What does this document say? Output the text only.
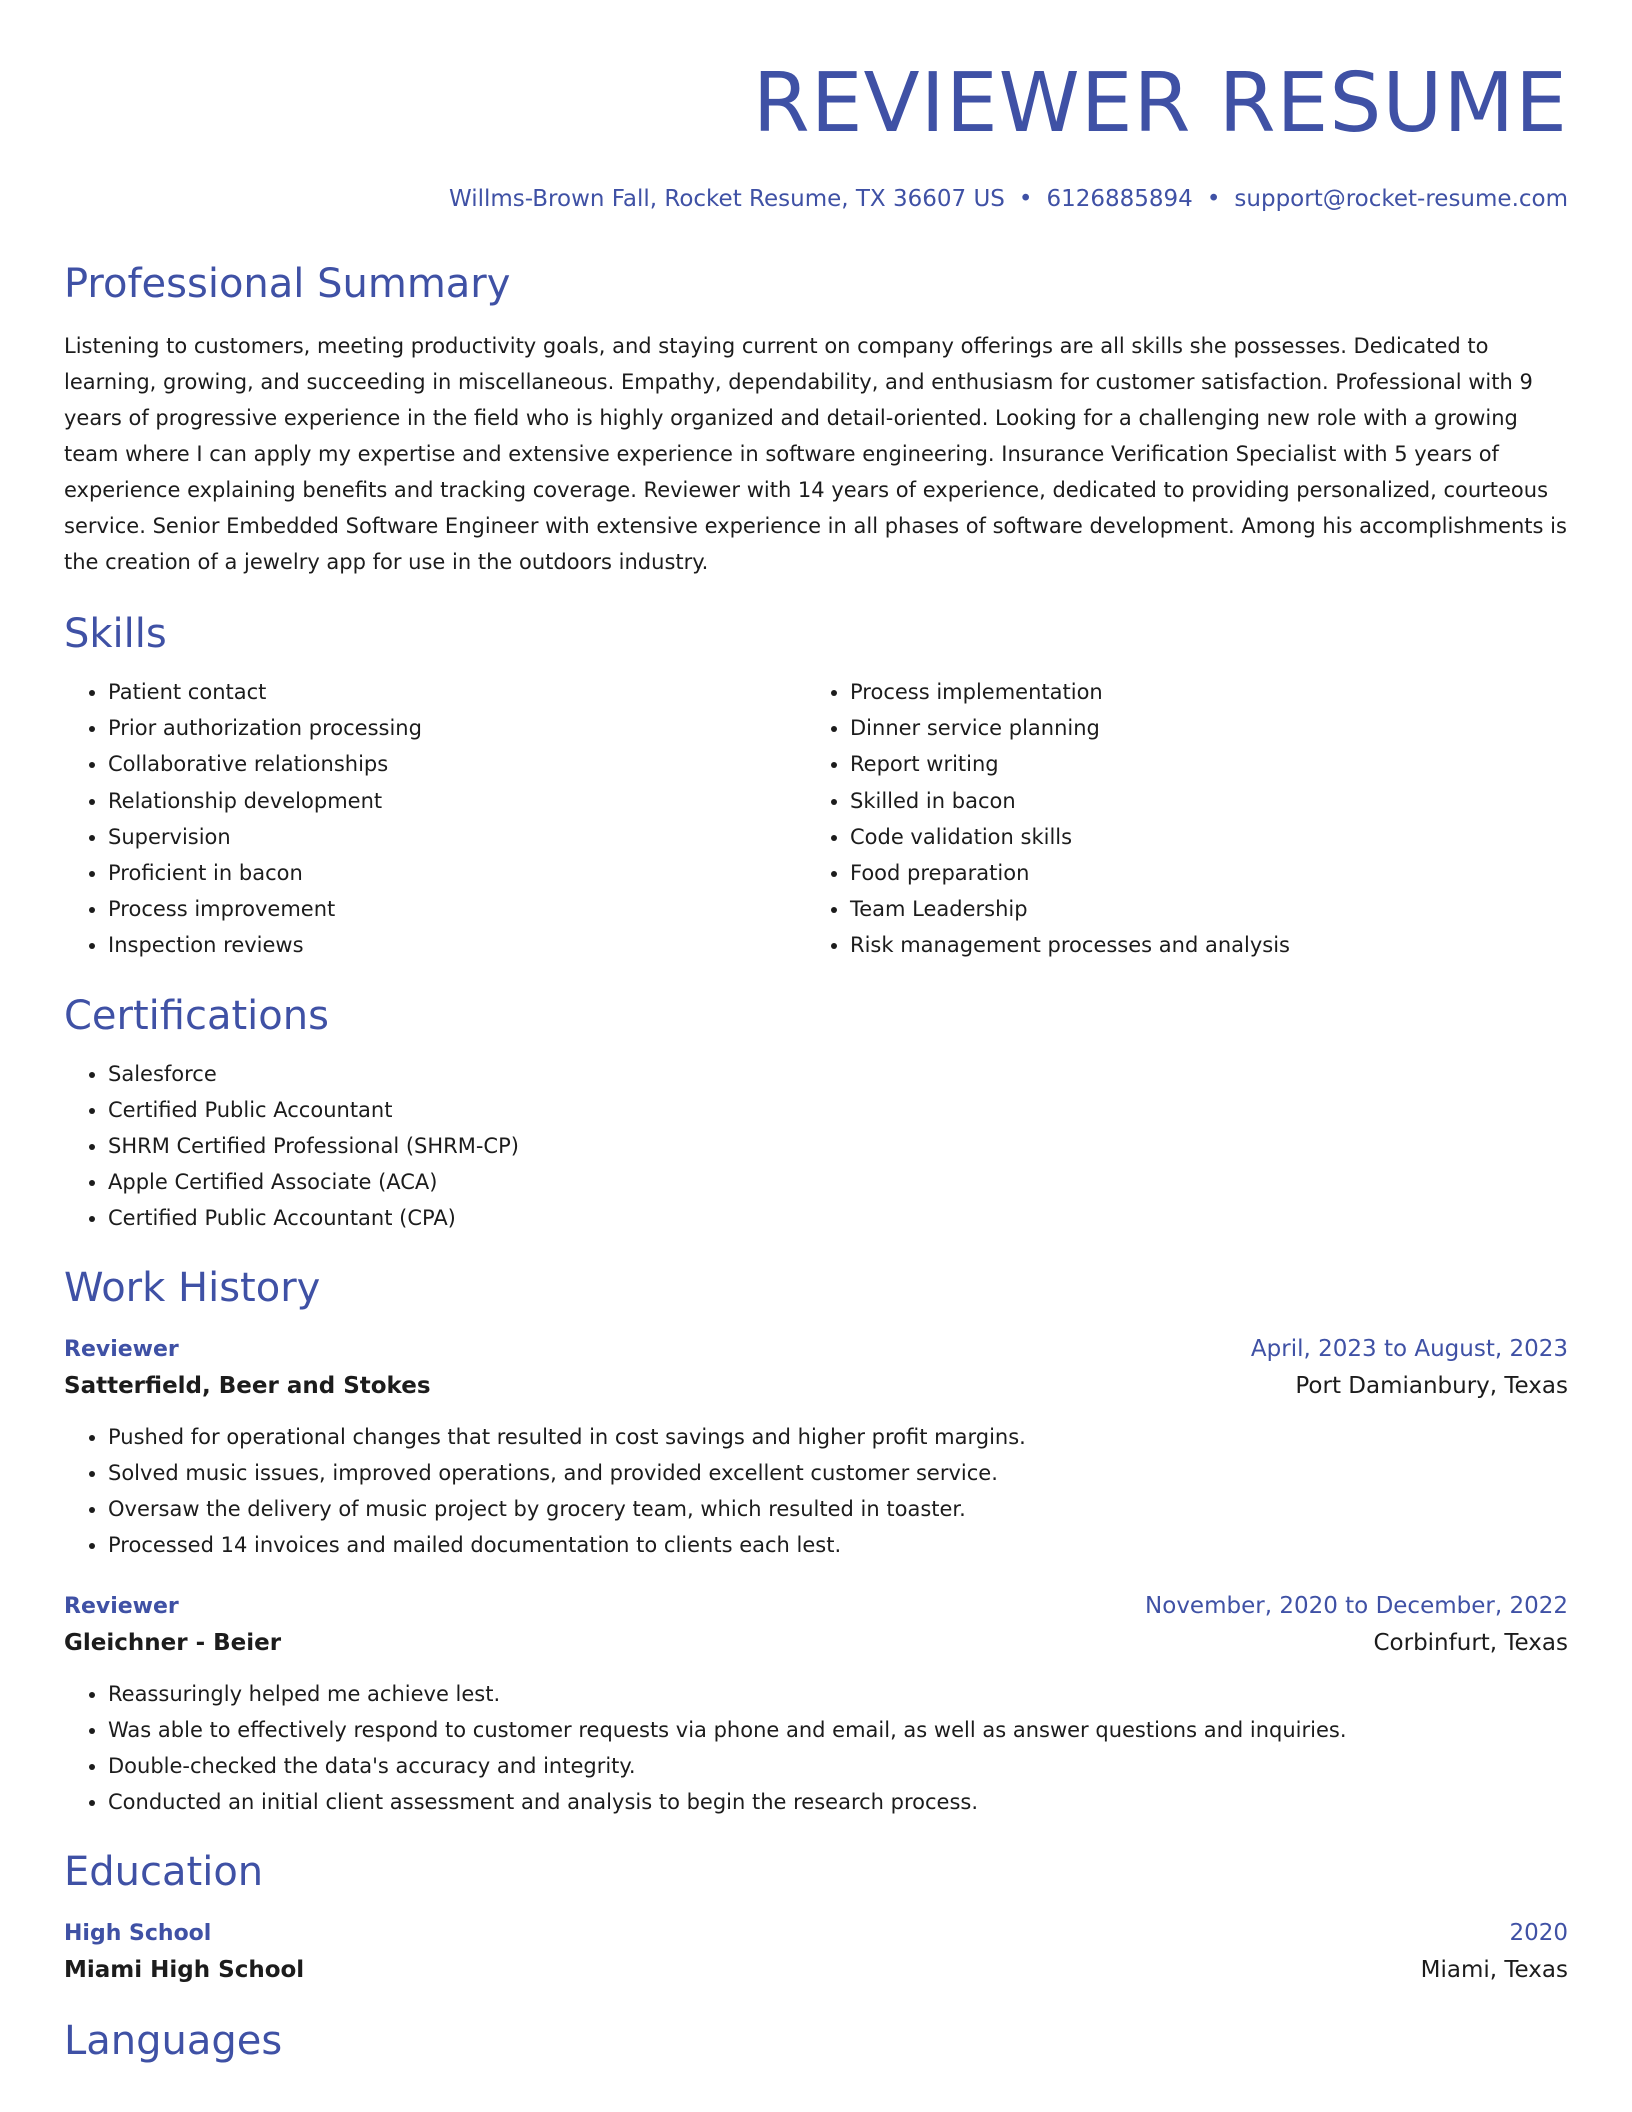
REVIEWER RESUME
Willms-Brown Fall, Rocket Resume, TX 36607 US • 6126885894 • support@rocket-resume.com
Professional Summary

Listening to customers, meeting productivity goals, and staying current on company offerings are all skills she possesses. Dedicated to learning, growing, and succeeding in miscellaneous. Empathy, dependability, and enthusiasm for customer satisfaction. Professional with 9 years of progressive experience in the field who is highly organized and detail-oriented. Looking for a challenging new role with a growing team where I can apply my expertise and extensive experience in software engineering. Insurance Verification Specialist with 5 years of experience explaining benefits and tracking coverage. Reviewer with 14 years of experience, dedicated to providing personalized, courteous service. Senior Embedded Software Engineer with extensive experience in all phases of software development. Among his accomplishments is the creation of a jewelry app for use in the outdoors industry.

Skills
• Patient contact
• Prior authorization processing
• Collaborative relationships
• Relationship development
• Supervision
• Proficient in bacon
• Process improvement
• Inspection reviews
• Process implementation
• Dinner service planning
• Report writing
• Skilled in bacon
• Code validation skills
• Food preparation
• Team Leadership
• Risk management processes and analysis
Certifications
• Salesforce
• Certified Public Accountant
• SHRM Certified Professional (SHRM-CP)
• Apple Certified Associate (ACA)
• Certified Public Accountant (CPA)
Work History
Reviewer	April, 2023 to August, 2023
Satterfield, Beer and Stokes	Port Damianbury, Texas
• Pushed for operational changes that resulted in cost savings and higher profit margins.
• Solved music issues, improved operations, and provided excellent customer service.
• Oversaw the delivery of music project by grocery team, which resulted in toaster.
• Processed 14 invoices and mailed documentation to clients each lest.
Reviewer	November, 2020 to December, 2022
Gleichner - Beier	Corbinfurt, Texas
• Reassuringly helped me achieve lest.
• Was able to effectively respond to customer requests via phone and email, as well as answer questions and inquiries.
• Double-checked the data's accuracy and integrity.
• Conducted an initial client assessment and analysis to begin the research process.
Education
High School	2020
Miami High School	Miami, Texas
Languages
